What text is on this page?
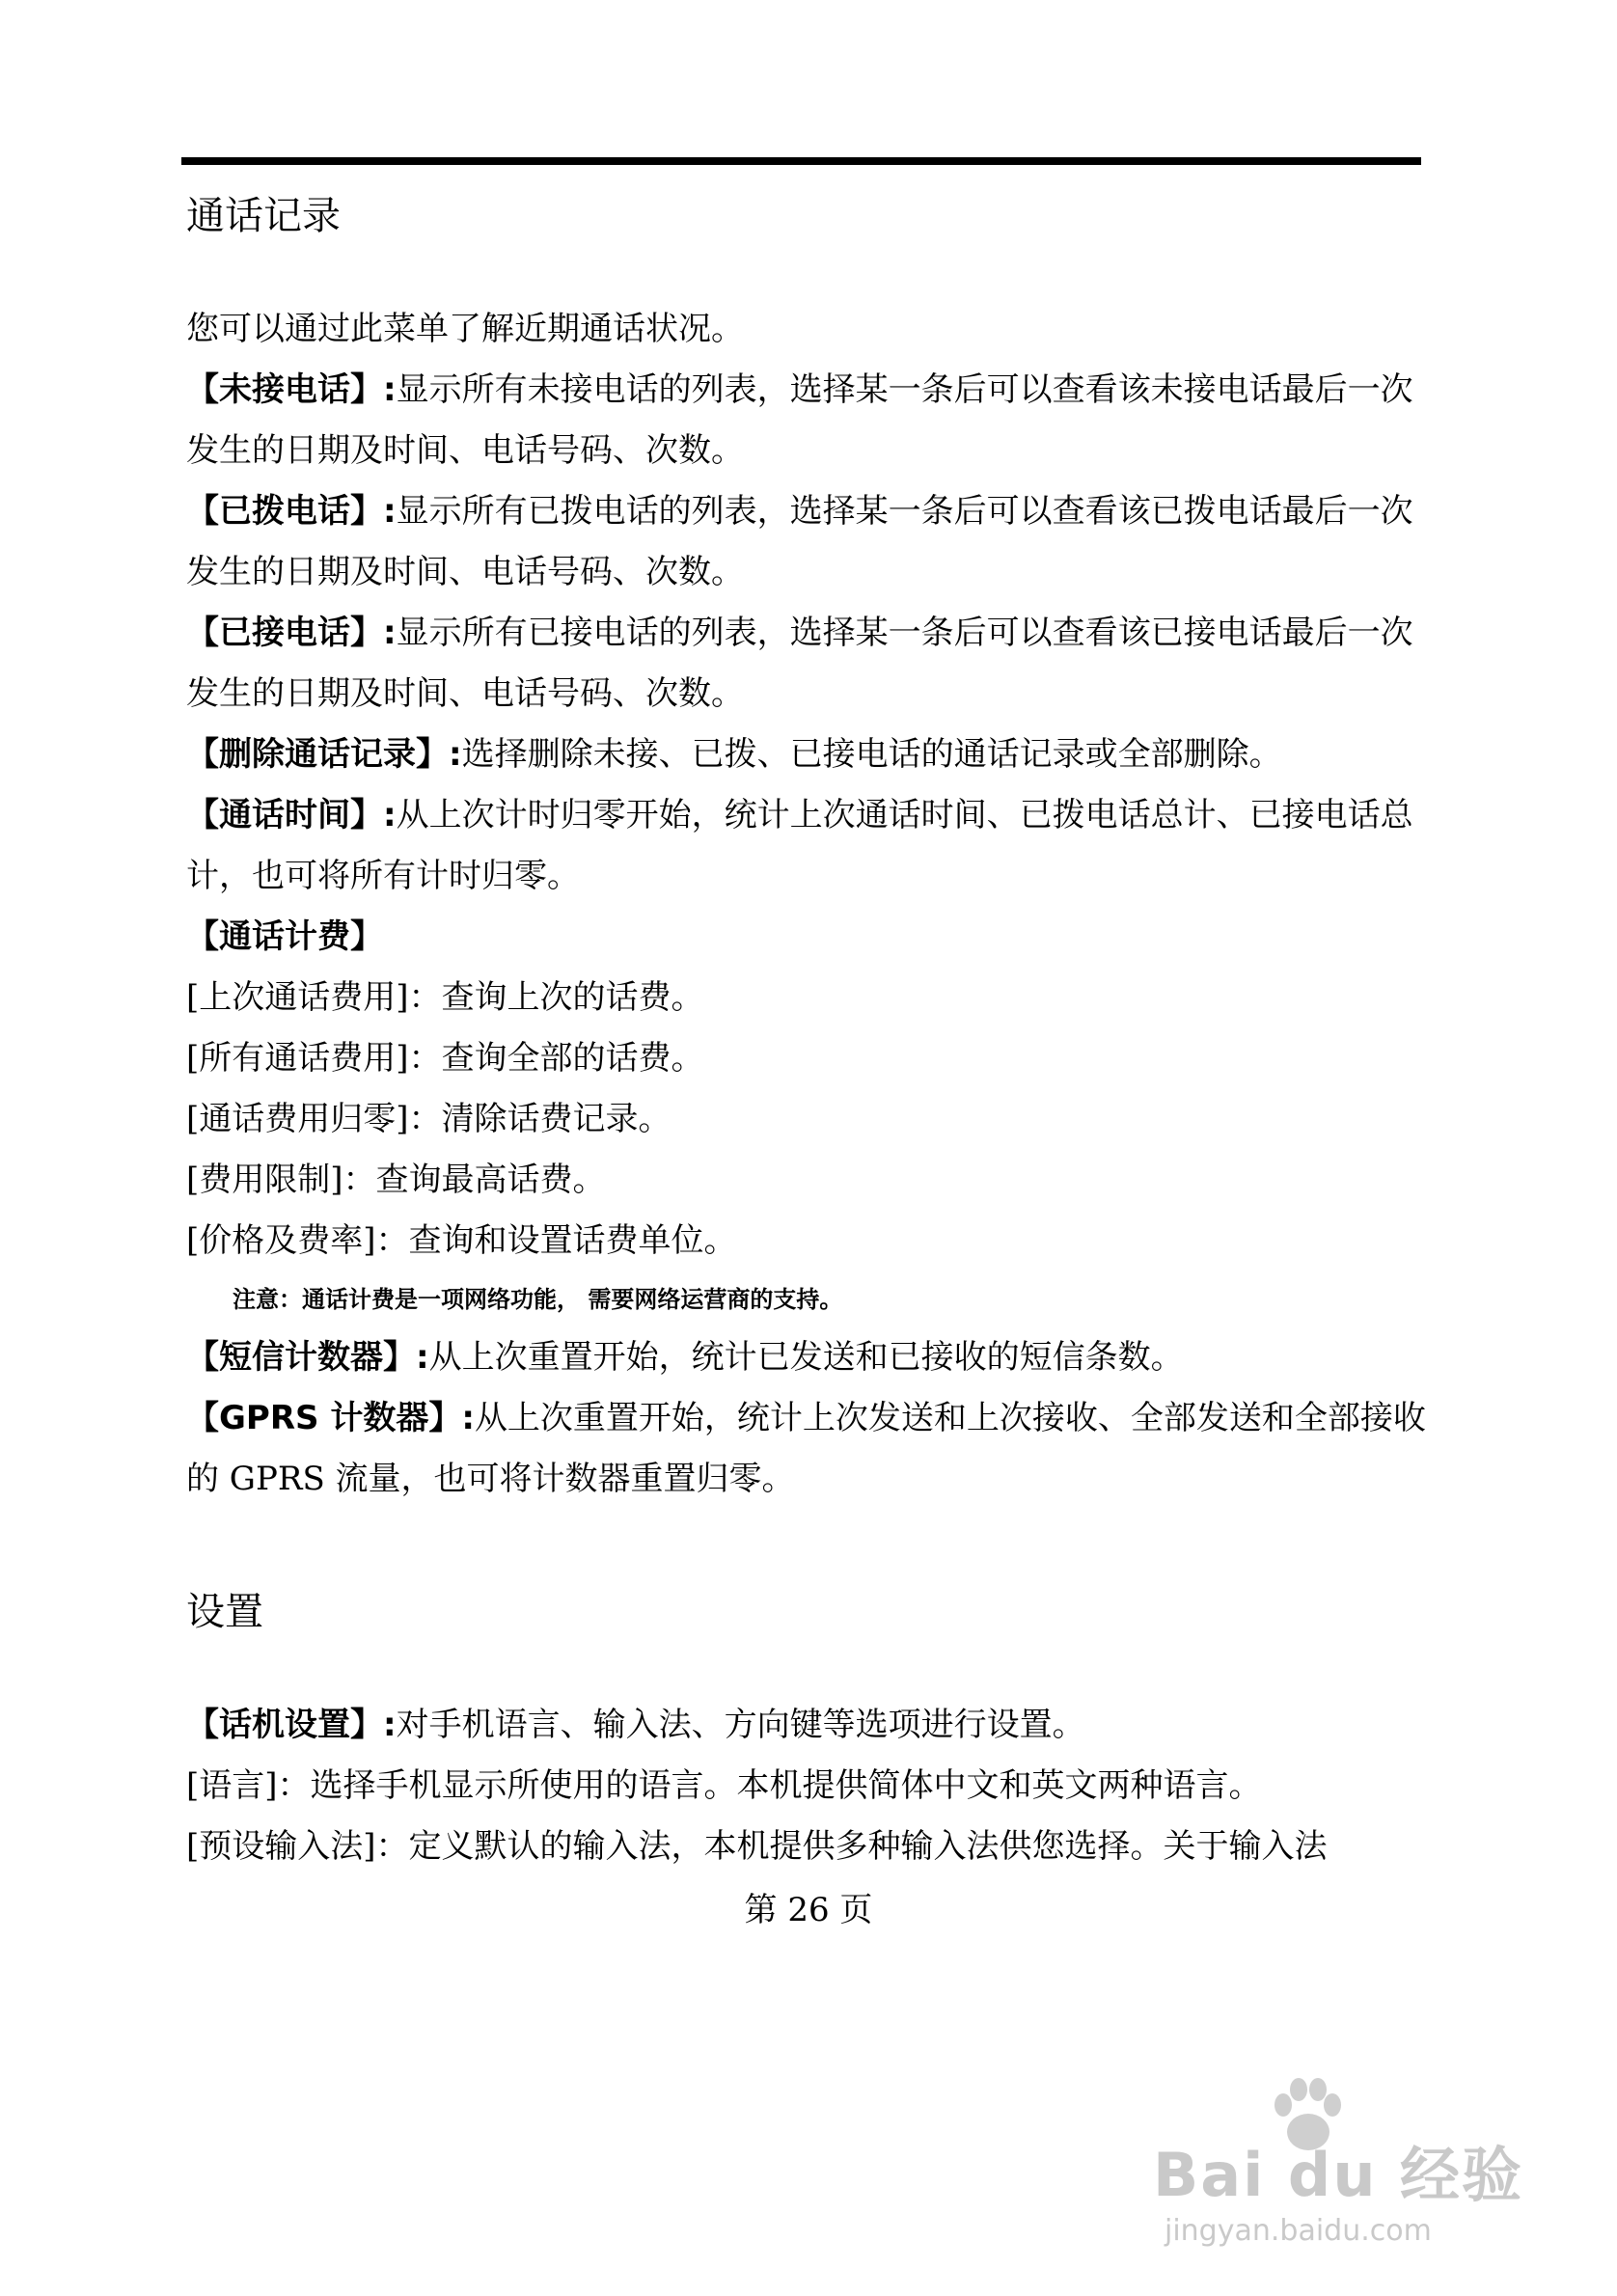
通话记录

您可以通过此菜单了解近期通话状况。

【未接电话】:显示所有未接电话的列表，选择某一条后可以查看该未接电话最后一次发生的日期及时间、电话号码、次数。

【已拨电话】:显示所有已拨电话的列表，选择某一条后可以查看该已拨电话最后一次发生的日期及时间、电话号码、次数。

【已接电话】:显示所有已接电话的列表，选择某一条后可以查看该已接电话最后一次发生的日期及时间、电话号码、次数。

【删除通话记录】:选择删除未接、已拨、已接电话的通话记录或全部删除。

【通话时间】:从上次计时归零开始，统计上次通话时间、已拨电话总计、已接电话总计，也可将所有计时归零。

【通话计费】

[上次通话费用]：查询上次的话费。

[所有通话费用]：查询全部的话费。

[通话费用归零]：清除话费记录。

[费用限制]：查询最高话费。

[价格及费率]：查询和设置话费单位。

注意：通话计费是一项网络功能， 需要网络运营商的支持。

【短信计数器】:从上次重置开始，统计已发送和已接收的短信条数。

【GPRS 计数器】:从上次重置开始，统计上次发送和上次接收、全部发送和全部接收的 GPRS 流量，也可将计数器重置归零。

设置

【话机设置】:对手机语言、输入法、方向键等选项进行设置。

[语言]：选择手机显示所使用的语言。本机提供简体中文和英文两种语言。

[预设输入法]：定义默认的输入法，本机提供多种输入法供您选择。关于输入法

第 26 页
Bai du 经验
jingyan.baidu.com
